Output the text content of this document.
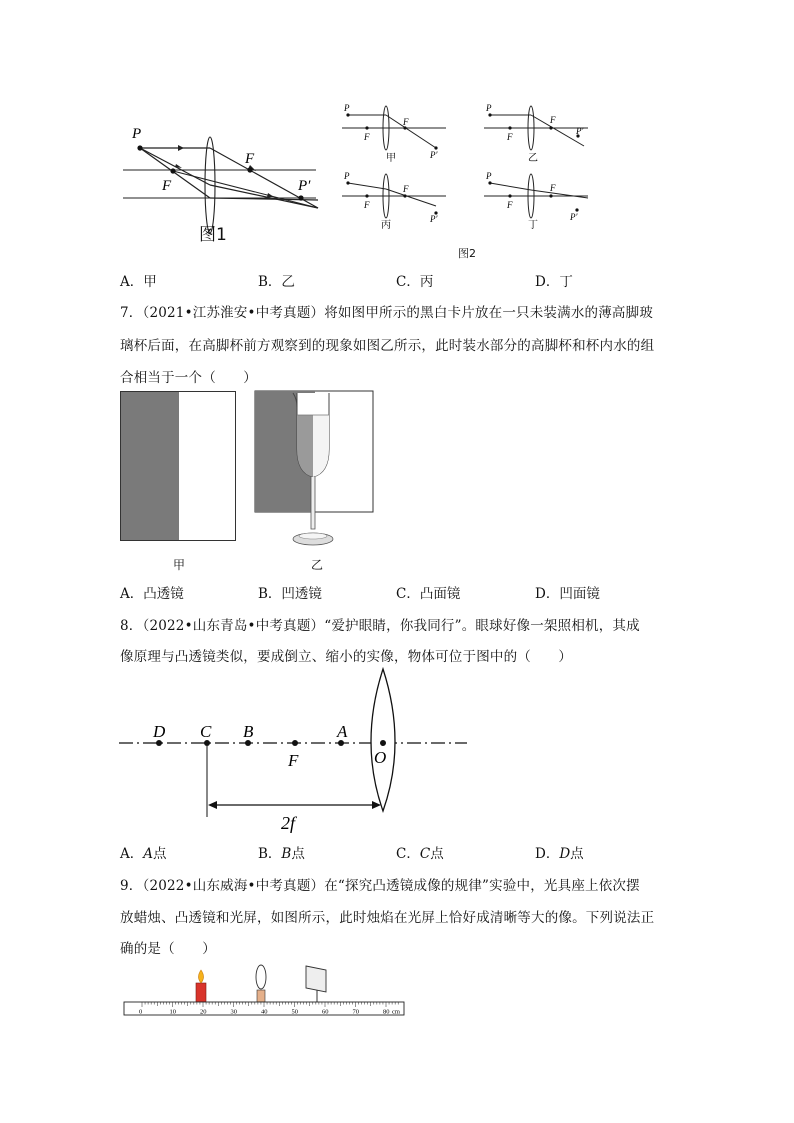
P
F
F
P′
图1
P
F
F
P′
甲
P
F
F
P′
乙
P
F
F
P′
丙
P
F
F
P′
丁
图2
A．甲	B．乙	C．丙	D．丁
7．（2021•江苏淮安•中考真题）将如图甲所示的黑白卡片放在一只未装满水的薄高脚玻
璃杯后面，在高脚杯前方观察到的现象如图乙所示，此时装水部分的高脚杯和杯内水的组
合相当于一个（　　）
甲	乙
A．凸透镜	B．凹透镜	C．凸面镜	D．凹面镜
8．（2022•山东青岛•中考真题）“爱护眼睛，你我同行”。眼球好像一架照相机，其成
像原理与凸透镜类似，要成倒立、缩小的实像，物体可位于图中的（　　）
D C B	A
F	O
2f
A．A点	B．B点	C．C点	D．D点
9．（2022•山东威海•中考真题）在“探究凸透镜成像的规律”实验中，光具座上依次摆
放蜡烛、凸透镜和光屏，如图所示，此时烛焰在光屏上恰好成清晰等大的像。下列说法正
确的是（　　）
0	10	20	30	40	50	60	70	80 cm
